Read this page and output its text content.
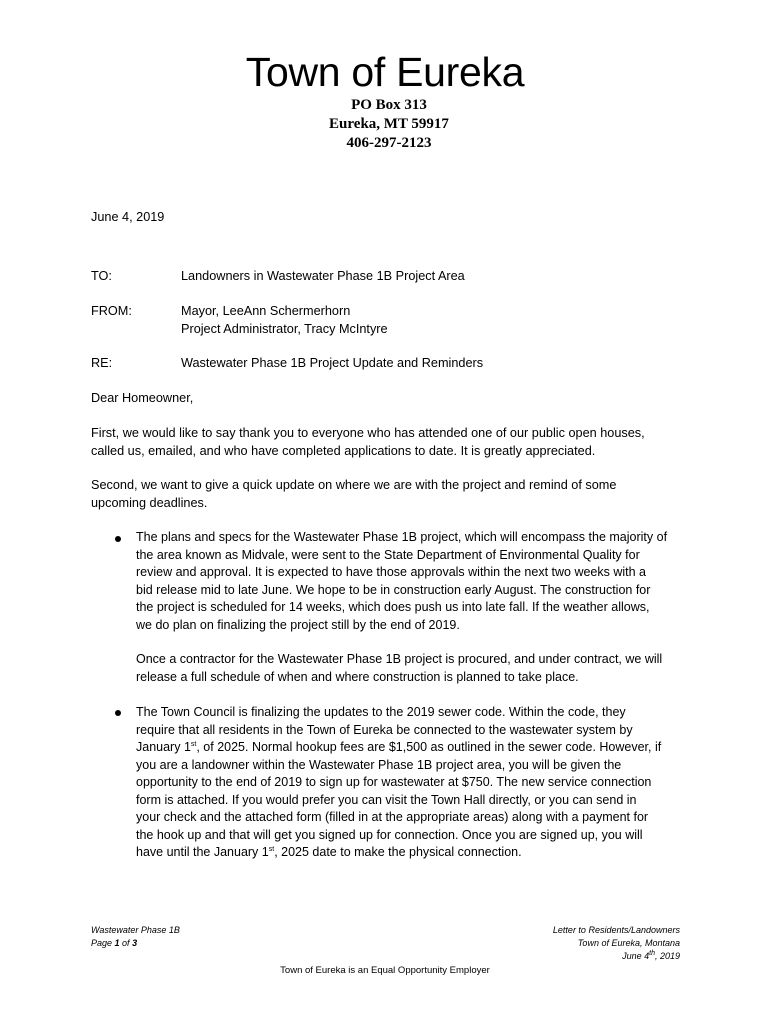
Town of Eureka
PO Box 313
Eureka, MT 59917
406-297-2123
June 4, 2019
TO:	Landowners in Wastewater Phase 1B Project Area
FROM:	Mayor, LeeAnn Schermerhorn
Project Administrator, Tracy McIntyre
RE:	Wastewater Phase 1B Project Update and Reminders
Dear Homeowner,
First, we would like to say thank you to everyone who has attended one of our public open houses,
called us, emailed, and who have completed applications to date. It is greatly appreciated.
Second, we want to give a quick update on where we are with the project and remind of some
upcoming deadlines.
The plans and specs for the Wastewater Phase 1B project, which will encompass the majority of
the area known as Midvale, were sent to the State Department of Environmental Quality for
review and approval. It is expected to have those approvals within the next two weeks with a
bid release mid to late June. We hope to be in construction early August. The construction for
the project is scheduled for 14 weeks, which does push us into late fall. If the weather allows,
we do plan on finalizing the project still by the end of 2019.
Once a contractor for the Wastewater Phase 1B project is procured, and under contract, we will
release a full schedule of when and where construction is planned to take place.
The Town Council is finalizing the updates to the 2019 sewer code. Within the code, they
require that all residents in the Town of Eureka be connected to the wastewater system by
January 1st, of 2025. Normal hookup fees are $1,500 as outlined in the sewer code. However, if
you are a landowner within the Wastewater Phase 1B project area, you will be given the
opportunity to the end of 2019 to sign up for wastewater at $750. The new service connection
form is attached. If you would prefer you can visit the Town Hall directly, or you can send in
your check and the attached form (filled in at the appropriate areas) along with a payment for
the hook up and that will get you signed up for connection. Once you are signed up, you will
have until the January 1st, 2025 date to make the physical connection.
Wastewater Phase 1B
Page 1 of 3
Letter to Residents/Landowners
Town of Eureka, Montana
June 4th, 2019
Town of Eureka is an Equal Opportunity Employer
